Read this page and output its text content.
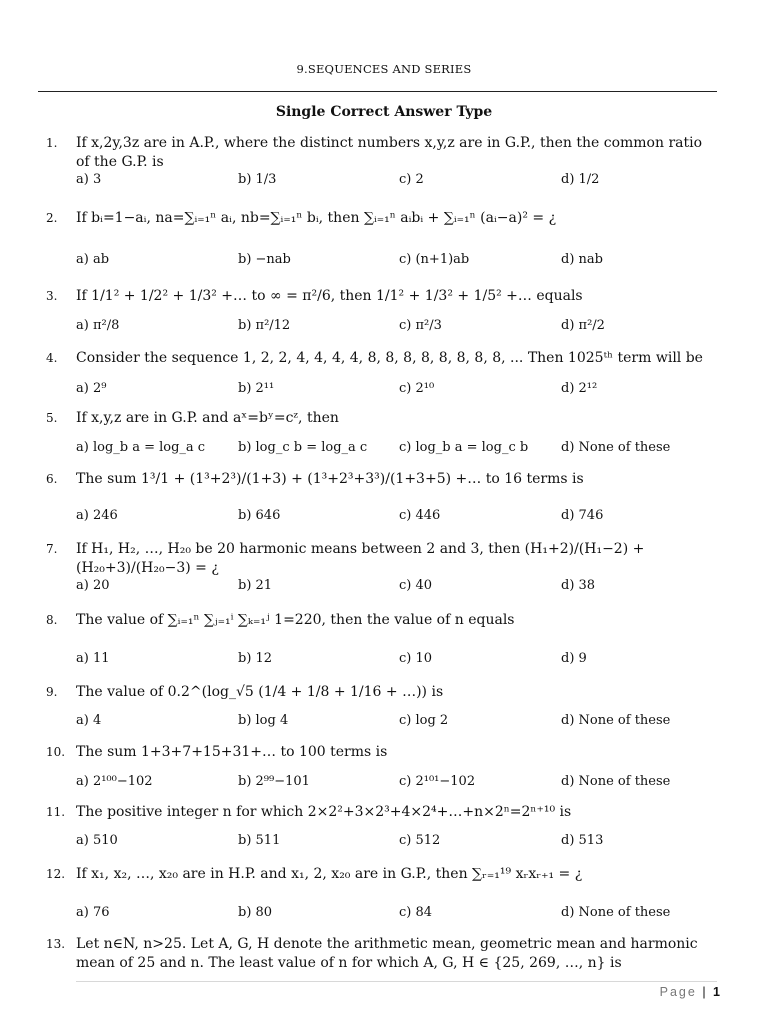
9.SEQUENCES AND SERIES
Single Correct Answer Type
1. If x,2y,3z are in A.P., where the distinct numbers x,y,z are in G.P., then the common ratio of the G.P. is
a) 3	b) 1/3	c) 2	d) 1/2
2. If bᵢ=1−aᵢ, na=∑ᵢ₌₁ⁿ aᵢ, nb=∑ᵢ₌₁ⁿ bᵢ, then ∑ᵢ₌₁ⁿ aᵢbᵢ + ∑ᵢ₌₁ⁿ (aᵢ−a)² = ¿
a) ab	b) −nab	c) (n+1)ab	d) nab
3. If 1/1² + 1/2² + 1/3² +… to ∞ = π²/6, then 1/1² + 1/3² + 1/5² +… equals
a) π²/8	b) π²/12	c) π²/3	d) π²/2
4. Consider the sequence 1, 2, 2, 4, 4, 4, 4, 8, 8, 8, 8, 8, 8, 8, 8, ... Then 1025ᵗʰ term will be
a) 2⁹	b) 2¹¹	c) 2¹⁰	d) 2¹²
5. If x,y,z are in G.P. and aˣ=bʸ=cᶻ, then
a) log_b a = log_a c	b) log_c b = log_a c c) log_b a = log_c b	d) None of these
6. The sum 1³/1 + (1³+2³)/(1+3) + (1³+2³+3³)/(1+3+5) +… to 16 terms is
a) 246	b) 646	c) 446	d) 746
7. If H₁, H₂, …, H₂₀ be 20 harmonic means between 2 and 3, then (H₁+2)/(H₁−2) + (H₂₀+3)/(H₂₀−3) = ¿
a) 20	b) 21	c) 40	d) 38
8. The value of ∑ᵢ₌₁ⁿ ∑ⱼ₌₁ⁱ ∑ₖ₌₁ʲ 1=220, then the value of n equals
a) 11	b) 12	c) 10	d) 9
9. The value of 0.2^(log_√5 (1/4 + 1/8 + 1/16 + …)) is
a) 4	b) log 4	c) log 2	d) None of these
10. The sum 1+3+7+15+31+… to 100 terms is
a) 2¹⁰⁰−102	b) 2⁹⁹−101	c) 2¹⁰¹−102	d) None of these
11. The positive integer n for which 2×2²+3×2³+4×2⁴+…+n×2ⁿ=2ⁿ⁺¹⁰ is
a) 510	b) 511	c) 512	d) 513
12. If x₁, x₂, …, x₂₀ are in H.P. and x₁, 2, x₂₀ are in G.P., then ∑ᵣ₌₁¹⁹ xᵣxᵣ₊₁ = ¿
a) 76	b) 80	c) 84	d) None of these
13. Let n∈N, n>25. Let A, G, H denote the arithmetic mean, geometric mean and harmonic mean of 25 and n. The least value of n for which A, G, H ∈ {25, 269, …, n} is
Page | 1
